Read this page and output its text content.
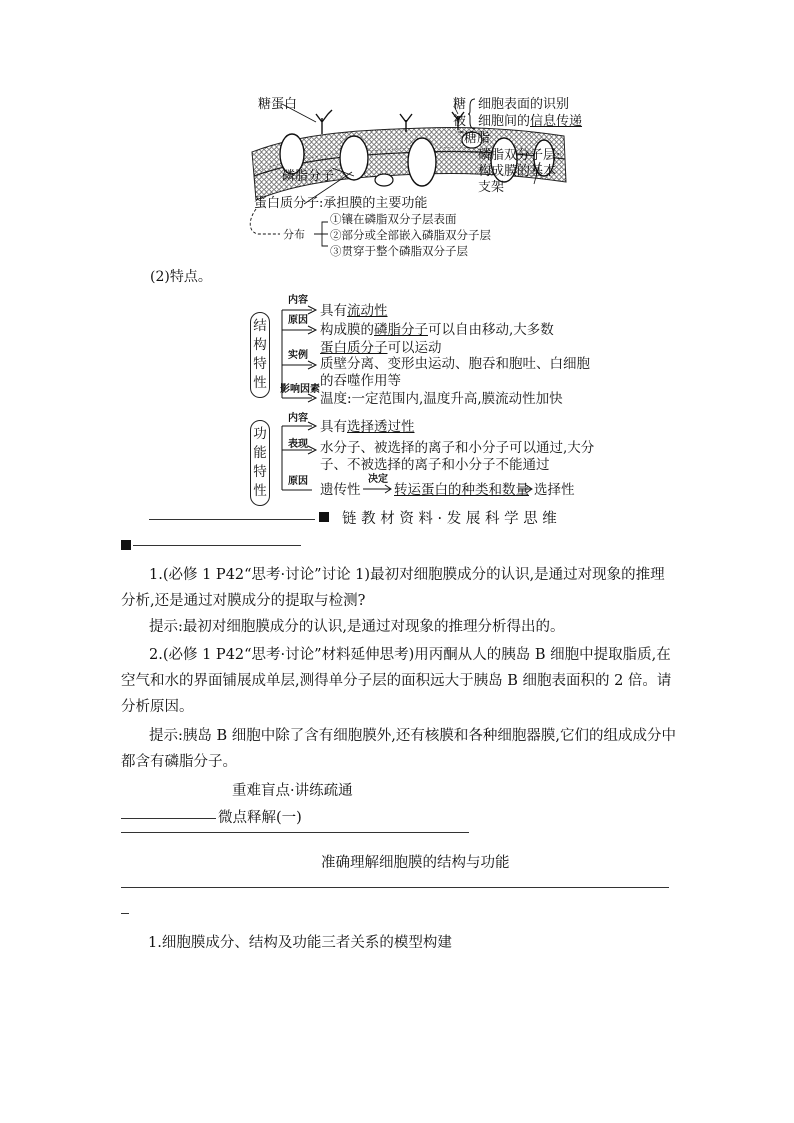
糖蛋白	糖
被
细胞表面的识别
细胞间的信息传递
糖脂
磷脂双分子层:
构成膜的基本
支架
磷脂分子
蛋白质分子:承担膜的主要功能
分布
①镶在磷脂双分子层表面
②部分或全部嵌入磷脂双分子层
③贯穿于整个磷脂双分子层
(2)特点。
结
构
特
性
内容
原因
实例
影响因素
具有流动性
构成膜的磷脂分子可以自由移动,大多数
蛋白质分子可以运动
质壁分离、变形虫运动、胞吞和胞吐、白细胞
的吞噬作用等
温度:一定范围内,温度升高,膜流动性加快
功
能
特
性
内容
表现
原因
具有选择透过性
水分子、被选择的离子和小分子可以通过,大分
子、不被选择的离子和小分子不能通过
遗传性
决定
转运蛋白的种类和数量 选择性
链 教 材 资 料 · 发 展 科 学 思 维
1.(必修 1 P42“思考·讨论”讨论 1)最初对细胞膜成分的认识,是通过对现象的推理分析,还是通过对膜成分的提取与检测?
提示:最初对细胞膜成分的认识,是通过对现象的推理分析得出的。
2.(必修 1 P42“思考·讨论”材料延伸思考)用丙酮从人的胰岛 B 细胞中提取脂质,在空气和水的界面铺展成单层,测得单分子层的面积远大于胰岛 B 细胞表面积的 2 倍。请分析原因。
提示:胰岛 B 细胞中除了含有细胞膜外,还有核膜和各种细胞器膜,它们的组成成分中都含有磷脂分子。
重难盲点·讲练疏通
微点释解(一)
准确理解细胞膜的结构与功能
1.细胞膜成分、结构及功能三者关系的模型构建
